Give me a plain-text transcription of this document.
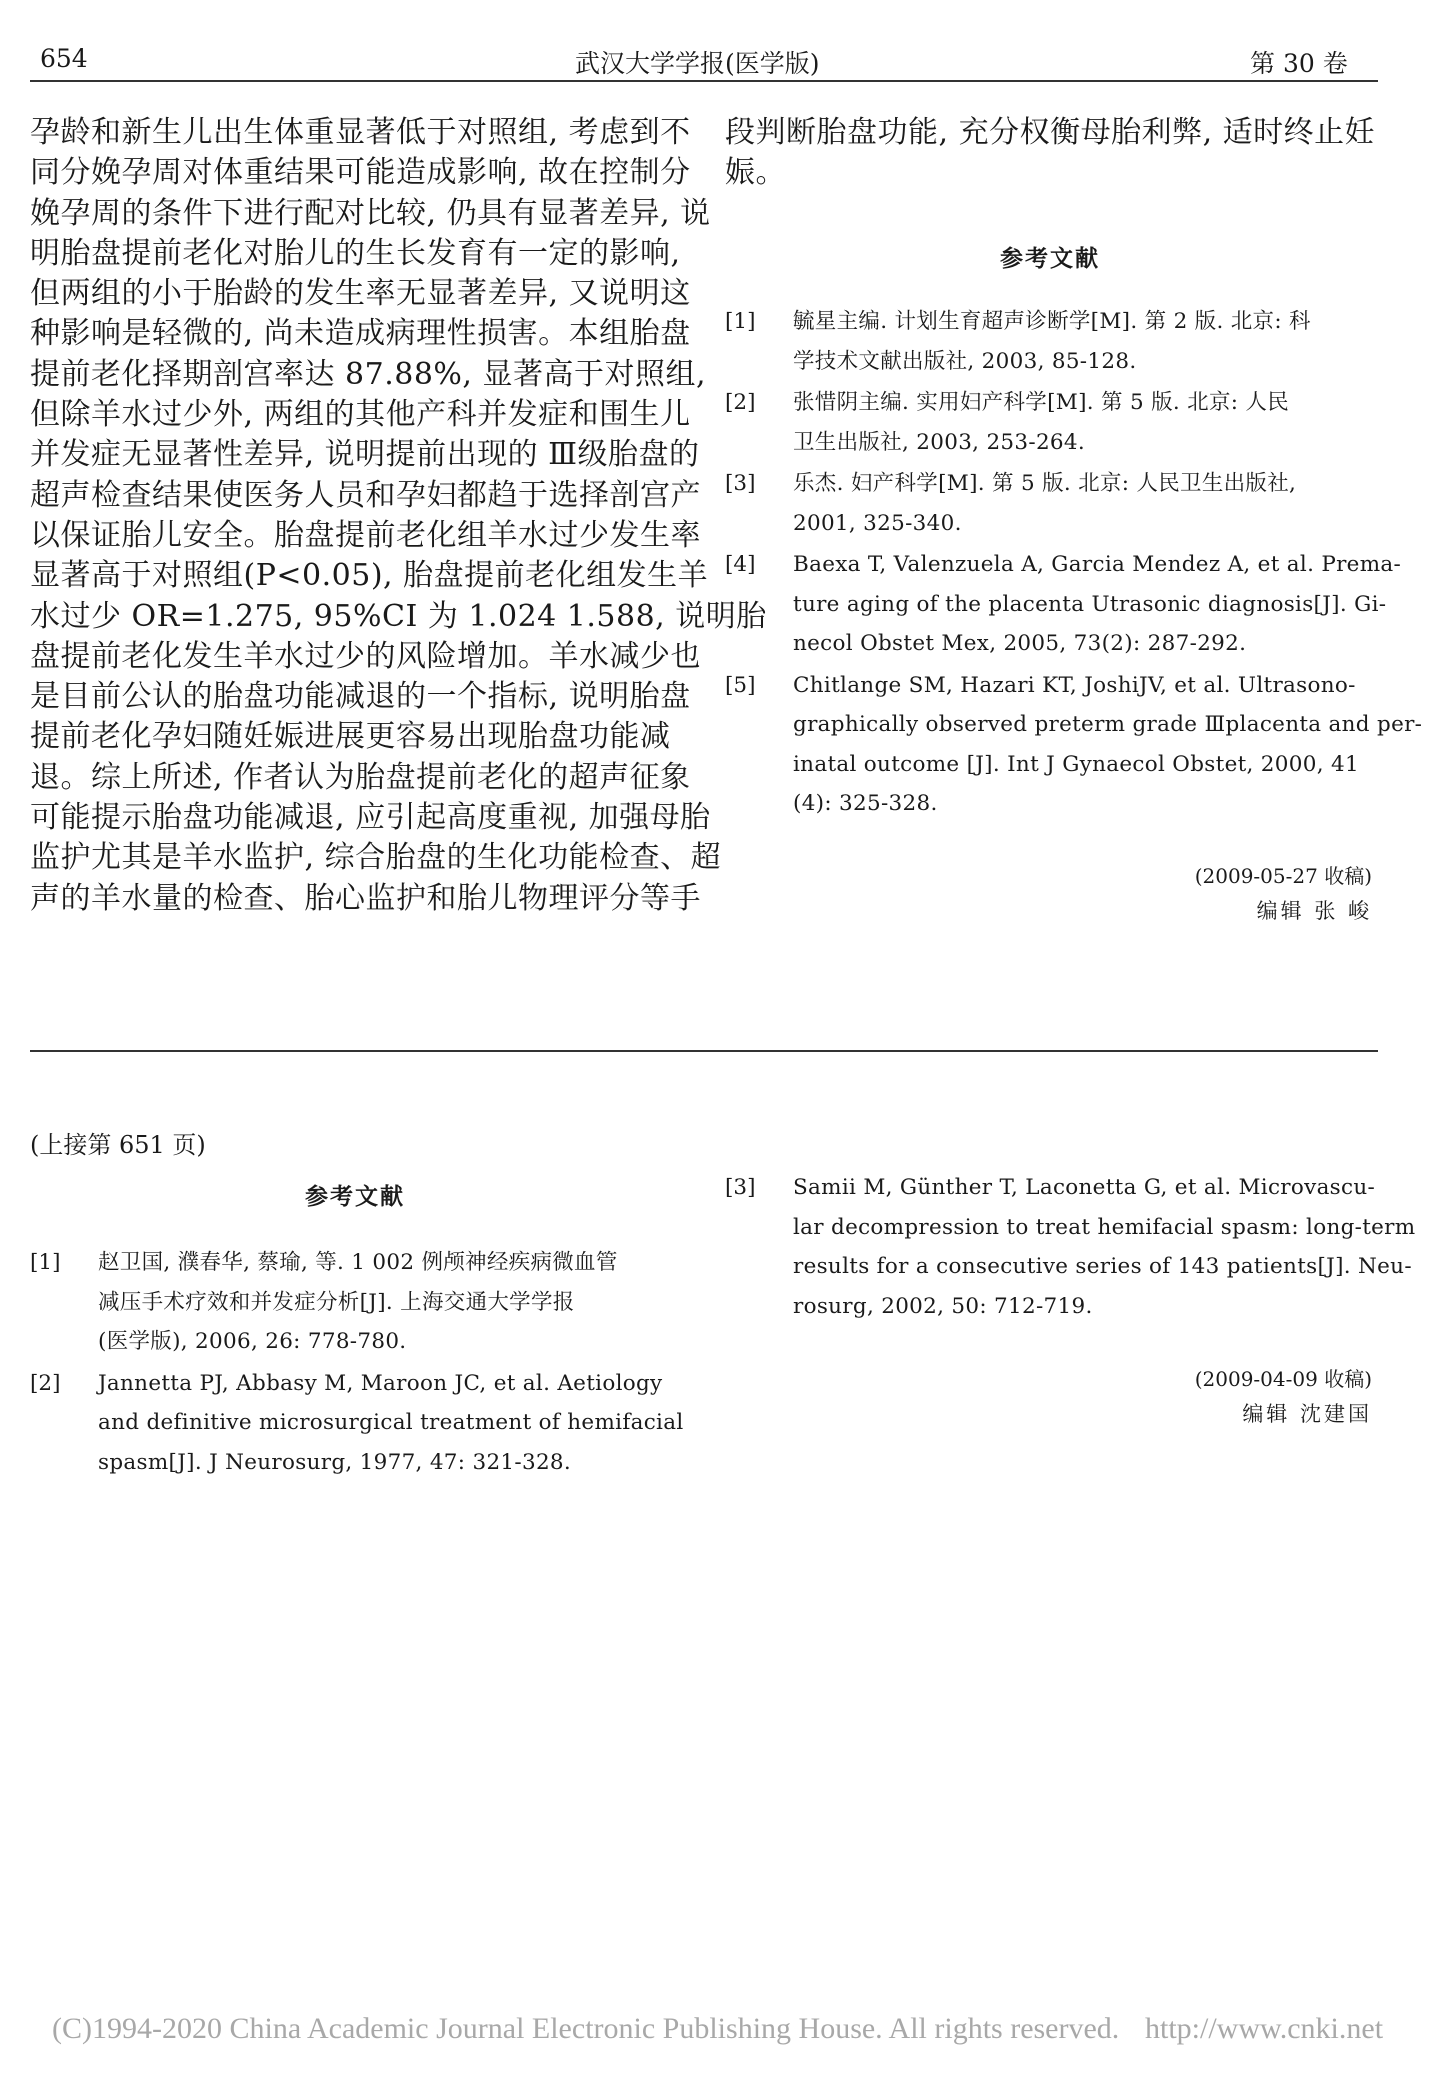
654	武汉大学学报(医学版)	第 30 卷
孕龄和新生儿出生体重显著低于对照组, 考虑到不
同分娩孕周对体重结果可能造成影响, 故在控制分
娩孕周的条件下进行配对比较, 仍具有显著差异, 说
明胎盘提前老化对胎儿的生长发育有一定的影响,
但两组的小于胎龄的发生率无显著差异, 又说明这
种影响是轻微的, 尚未造成病理性损害。本组胎盘
提前老化择期剖宫率达 87.88%, 显著高于对照组,
但除羊水过少外, 两组的其他产科并发症和围生儿
并发症无显著性差异, 说明提前出现的 Ⅲ级胎盘的
超声检查结果使医务人员和孕妇都趋于选择剖宫产
以保证胎儿安全。胎盘提前老化组羊水过少发生率
显著高于对照组(P<0.05), 胎盘提前老化组发生羊
水过少 OR=1.275, 95%CI 为 1.024 1.588, 说明胎
盘提前老化发生羊水过少的风险增加。羊水减少也
是目前公认的胎盘功能减退的一个指标, 说明胎盘
提前老化孕妇随妊娠进展更容易出现胎盘功能减
退。综上所述, 作者认为胎盘提前老化的超声征象
可能提示胎盘功能减退, 应引起高度重视, 加强母胎
监护尤其是羊水监护, 综合胎盘的生化功能检查、超
声的羊水量的检查、胎心监护和胎儿物理评分等手
段判断胎盘功能, 充分权衡母胎利弊, 适时终止妊
娠。
参考文献
[1]	毓星主编. 计划生育超声诊断学[M]. 第 2 版. 北京: 科
学技术文献出版社, 2003, 85-128.
[2]	张惜阴主编. 实用妇产科学[M]. 第 5 版. 北京: 人民
卫生出版社, 2003, 253-264.
[3]	乐杰. 妇产科学[M]. 第 5 版. 北京: 人民卫生出版社,
2001, 325-340.
[4]	Baexa T, Valenzuela A, Garcia Mendez A, et al. Prema-
ture aging of the placenta Utrasonic diagnosis[J]. Gi-
necol Obstet Mex, 2005, 73(2): 287-292.
[5]	Chitlange SM, Hazari KT, JoshiJV, et al. Ultrasono-
graphically observed preterm grade Ⅲplacenta and per-
inatal outcome [J]. Int J Gynaecol Obstet, 2000, 41
(4): 325-328.
(2009-05-27 收稿)
编辑 张 峻
(上接第 651 页)
参考文献
[1]	赵卫国, 濮春华, 蔡瑜, 等. 1 002 例颅神经疾病微血管
减压手术疗效和并发症分析[J]. 上海交通大学学报
(医学版), 2006, 26: 778-780.
[2]	Jannetta PJ, Abbasy M, Maroon JC, et al. Aetiology
and definitive microsurgical treatment of hemifacial
spasm[J]. J Neurosurg, 1977, 47: 321-328.
[3]	Samii M, Günther T, Laconetta G, et al. Microvascu-
lar decompression to treat hemifacial spasm: long-term
results for a consecutive series of 143 patients[J]. Neu-
rosurg, 2002, 50: 712-719.
(2009-04-09 收稿)
编辑 沈建国
(C)1994-2020 China Academic Journal Electronic Publishing House. All rights reserved. http://www.cnki.net
